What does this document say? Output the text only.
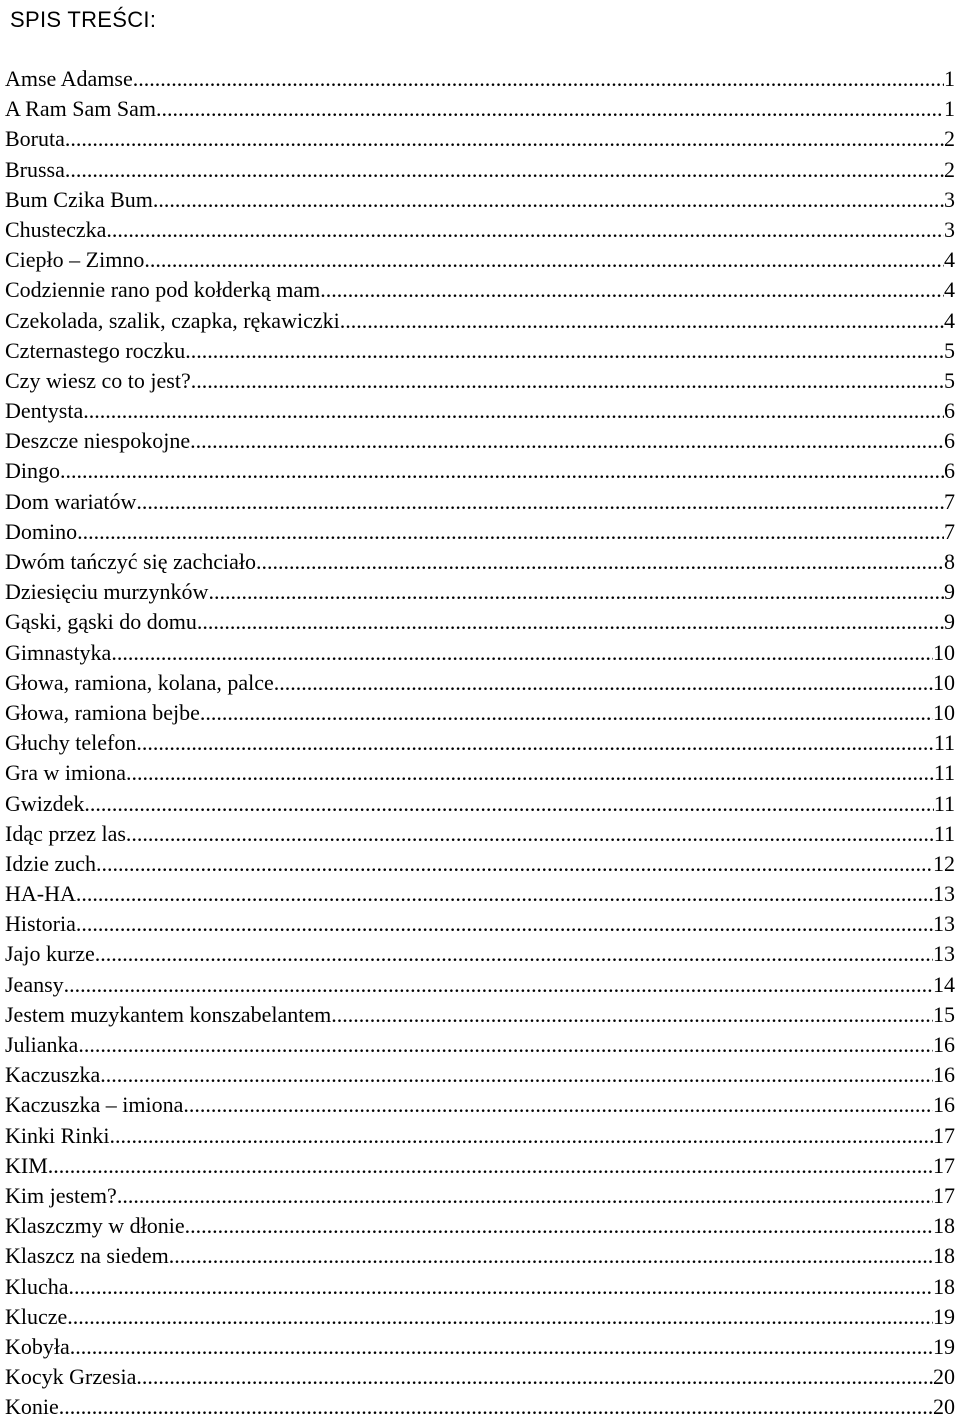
SPIS TREŚCI:
Amse Adamse .....	1
A Ram Sam Sam .....	1
Boruta .....	2
Brussa .....	2
Bum Czika Bum .....	3
Chusteczka .....	3
Ciepło – Zimno .....	4
Codziennie rano pod kołderką mam .....	4
Czekolada, szalik, czapka, rękawiczki .....	4
Czternastego roczku .....	5
Czy wiesz co to jest? .....	5
Dentysta .....	6
Deszcze niespokojne .....	6
Dingo .....	6
Dom wariatów .....	7
Domino .....	7
Dwóm tańczyć się zachciało .....	8
Dziesięciu murzynków .....	9
Gąski, gąski do domu .....	9
Gimnastyka .....	10
Głowa, ramiona, kolana, palce .....	10
Głowa, ramiona bejbe .....	10
Głuchy telefon .....	11
Gra w imiona .....	11
Gwizdek .....	11
Idąc przez las .....	11
Idzie zuch .....	12
HA-HA .....	13
Historia .....	13
Jajo kurze .....	13
Jeansy .....	14
Jestem muzykantem konszabelantem .....	15
Julianka .....	16
Kaczuszka .....	16
Kaczuszka – imiona .....	16
Kinki Rinki .....	17
KIM .....	17
Kim jestem? .....	17
Klaszczmy w dłonie .....	18
Klaszcz na siedem .....	18
Klucha .....	18
Klucze .....	19
Kobyła .....	19
Kocyk Grzesia .....	20
Konie .....	20
